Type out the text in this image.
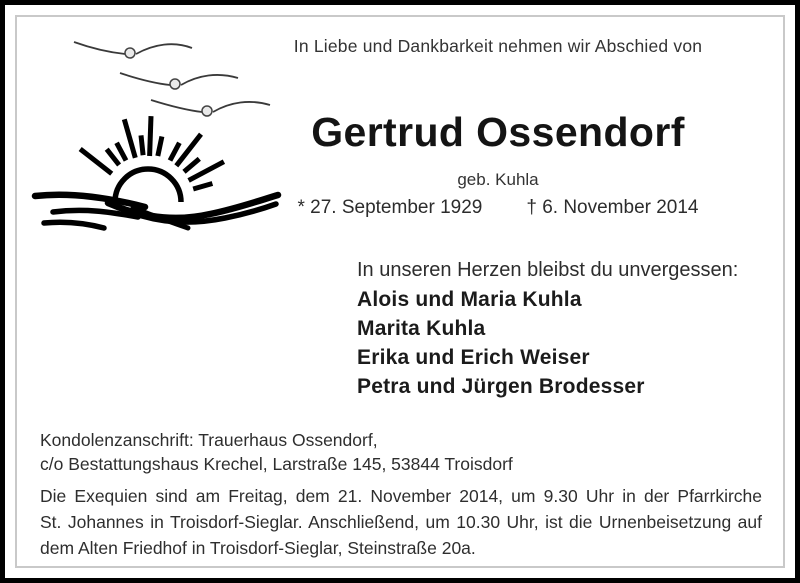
In Liebe und Dankbarkeit nehmen wir Abschied von
Gertrud Ossendorf
geb. Kuhla
* 27. September 1929 † 6. November 2014
In unseren Herzen bleibst du unvergessen:
Alois und Maria Kuhla
Marita Kuhla
Erika und Erich Weiser
Petra und Jürgen Brodesser
Kondolenzanschrift: Trauerhaus Ossendorf,
c/o Bestattungshaus Krechel, Larstraße 145, 53844 Troisdorf
Die Exequien sind am Freitag, dem 21. November 2014, um 9.30 Uhr in der Pfarrkirche
St. Johannes in Troisdorf-Sieglar. Anschließend, um 10.30 Uhr, ist die Urnenbeisetzung auf
dem Alten Friedhof in Troisdorf-Sieglar, Steinstraße 20a.
